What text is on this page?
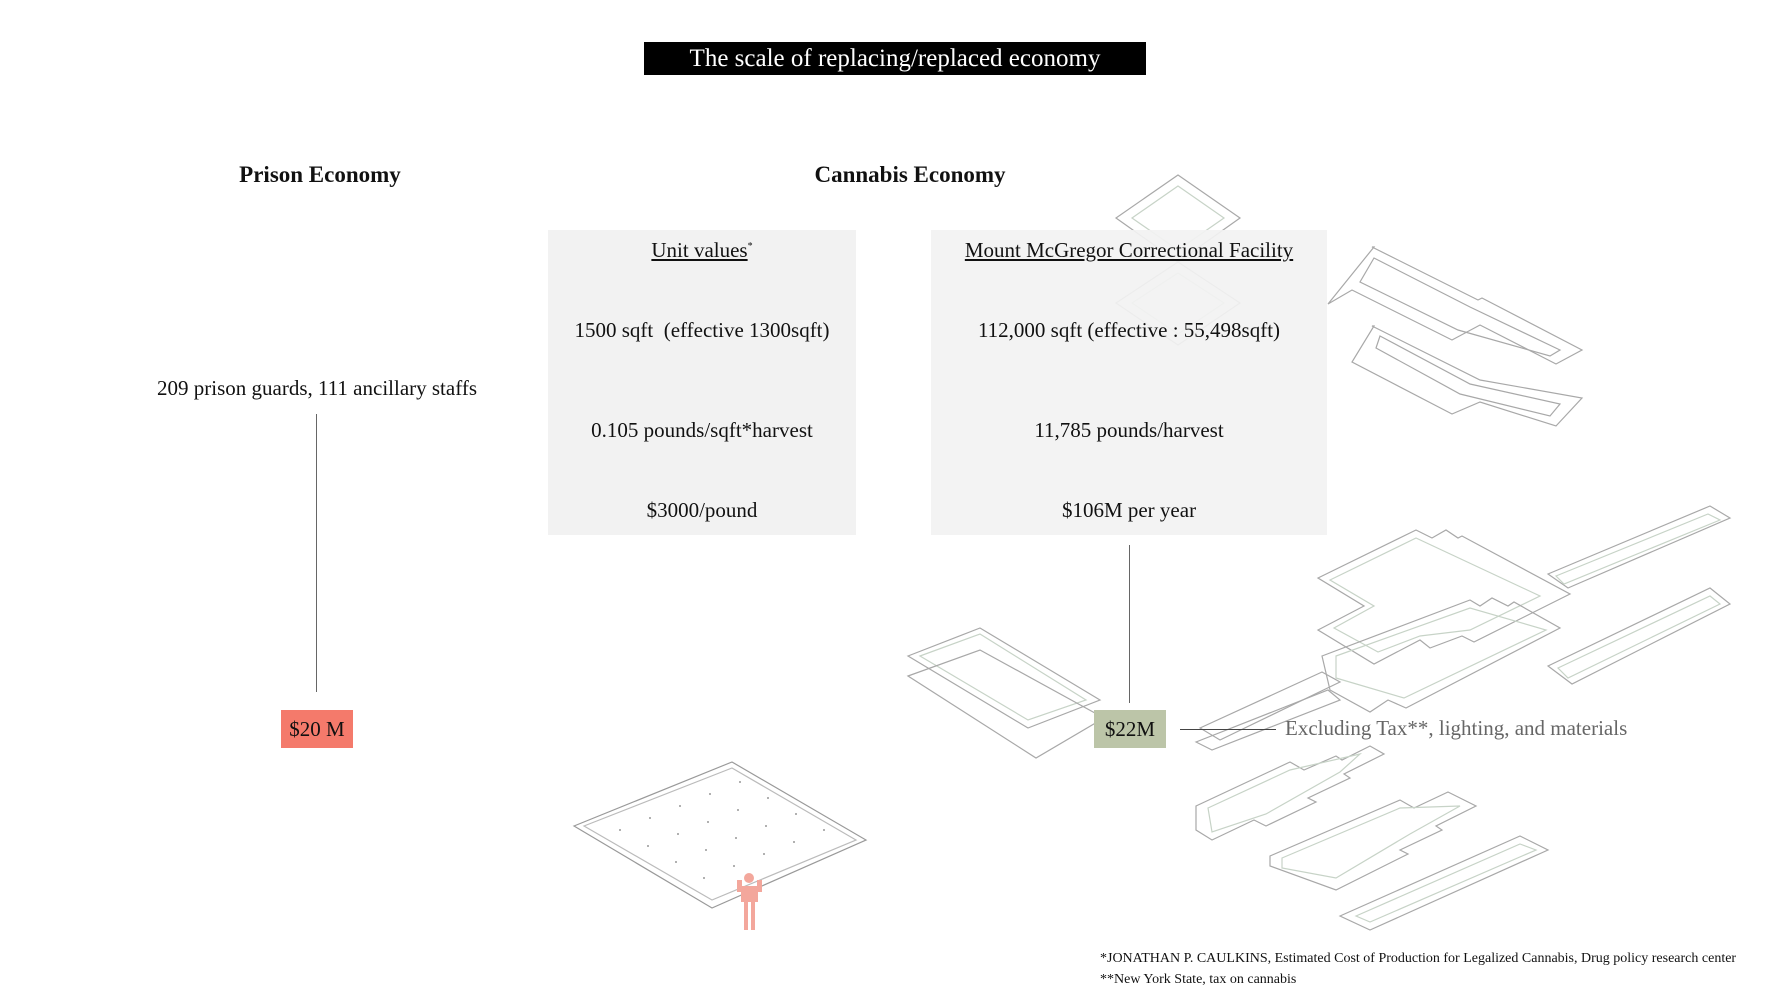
The scale of replacing/replaced economy
Prison Economy	Cannabis Economy
Unit values*
1500 sqft  (effective 1300sqft)
0.105 pounds/sqft*harvest
$3000/pound
Mount McGregor Correctional Facility
112,000 sqft (effective : 55,498sqft)
11,785 pounds/harvest
$106M per year
209 prison guards, 111 ancillary staffs
$20 M	$22M	Excluding Tax**, lighting, and materials
*JONATHAN P. CAULKINS, Estimated Cost of Production for Legalized Cannabis, Drug policy research center
**New York State, tax on cannabis
